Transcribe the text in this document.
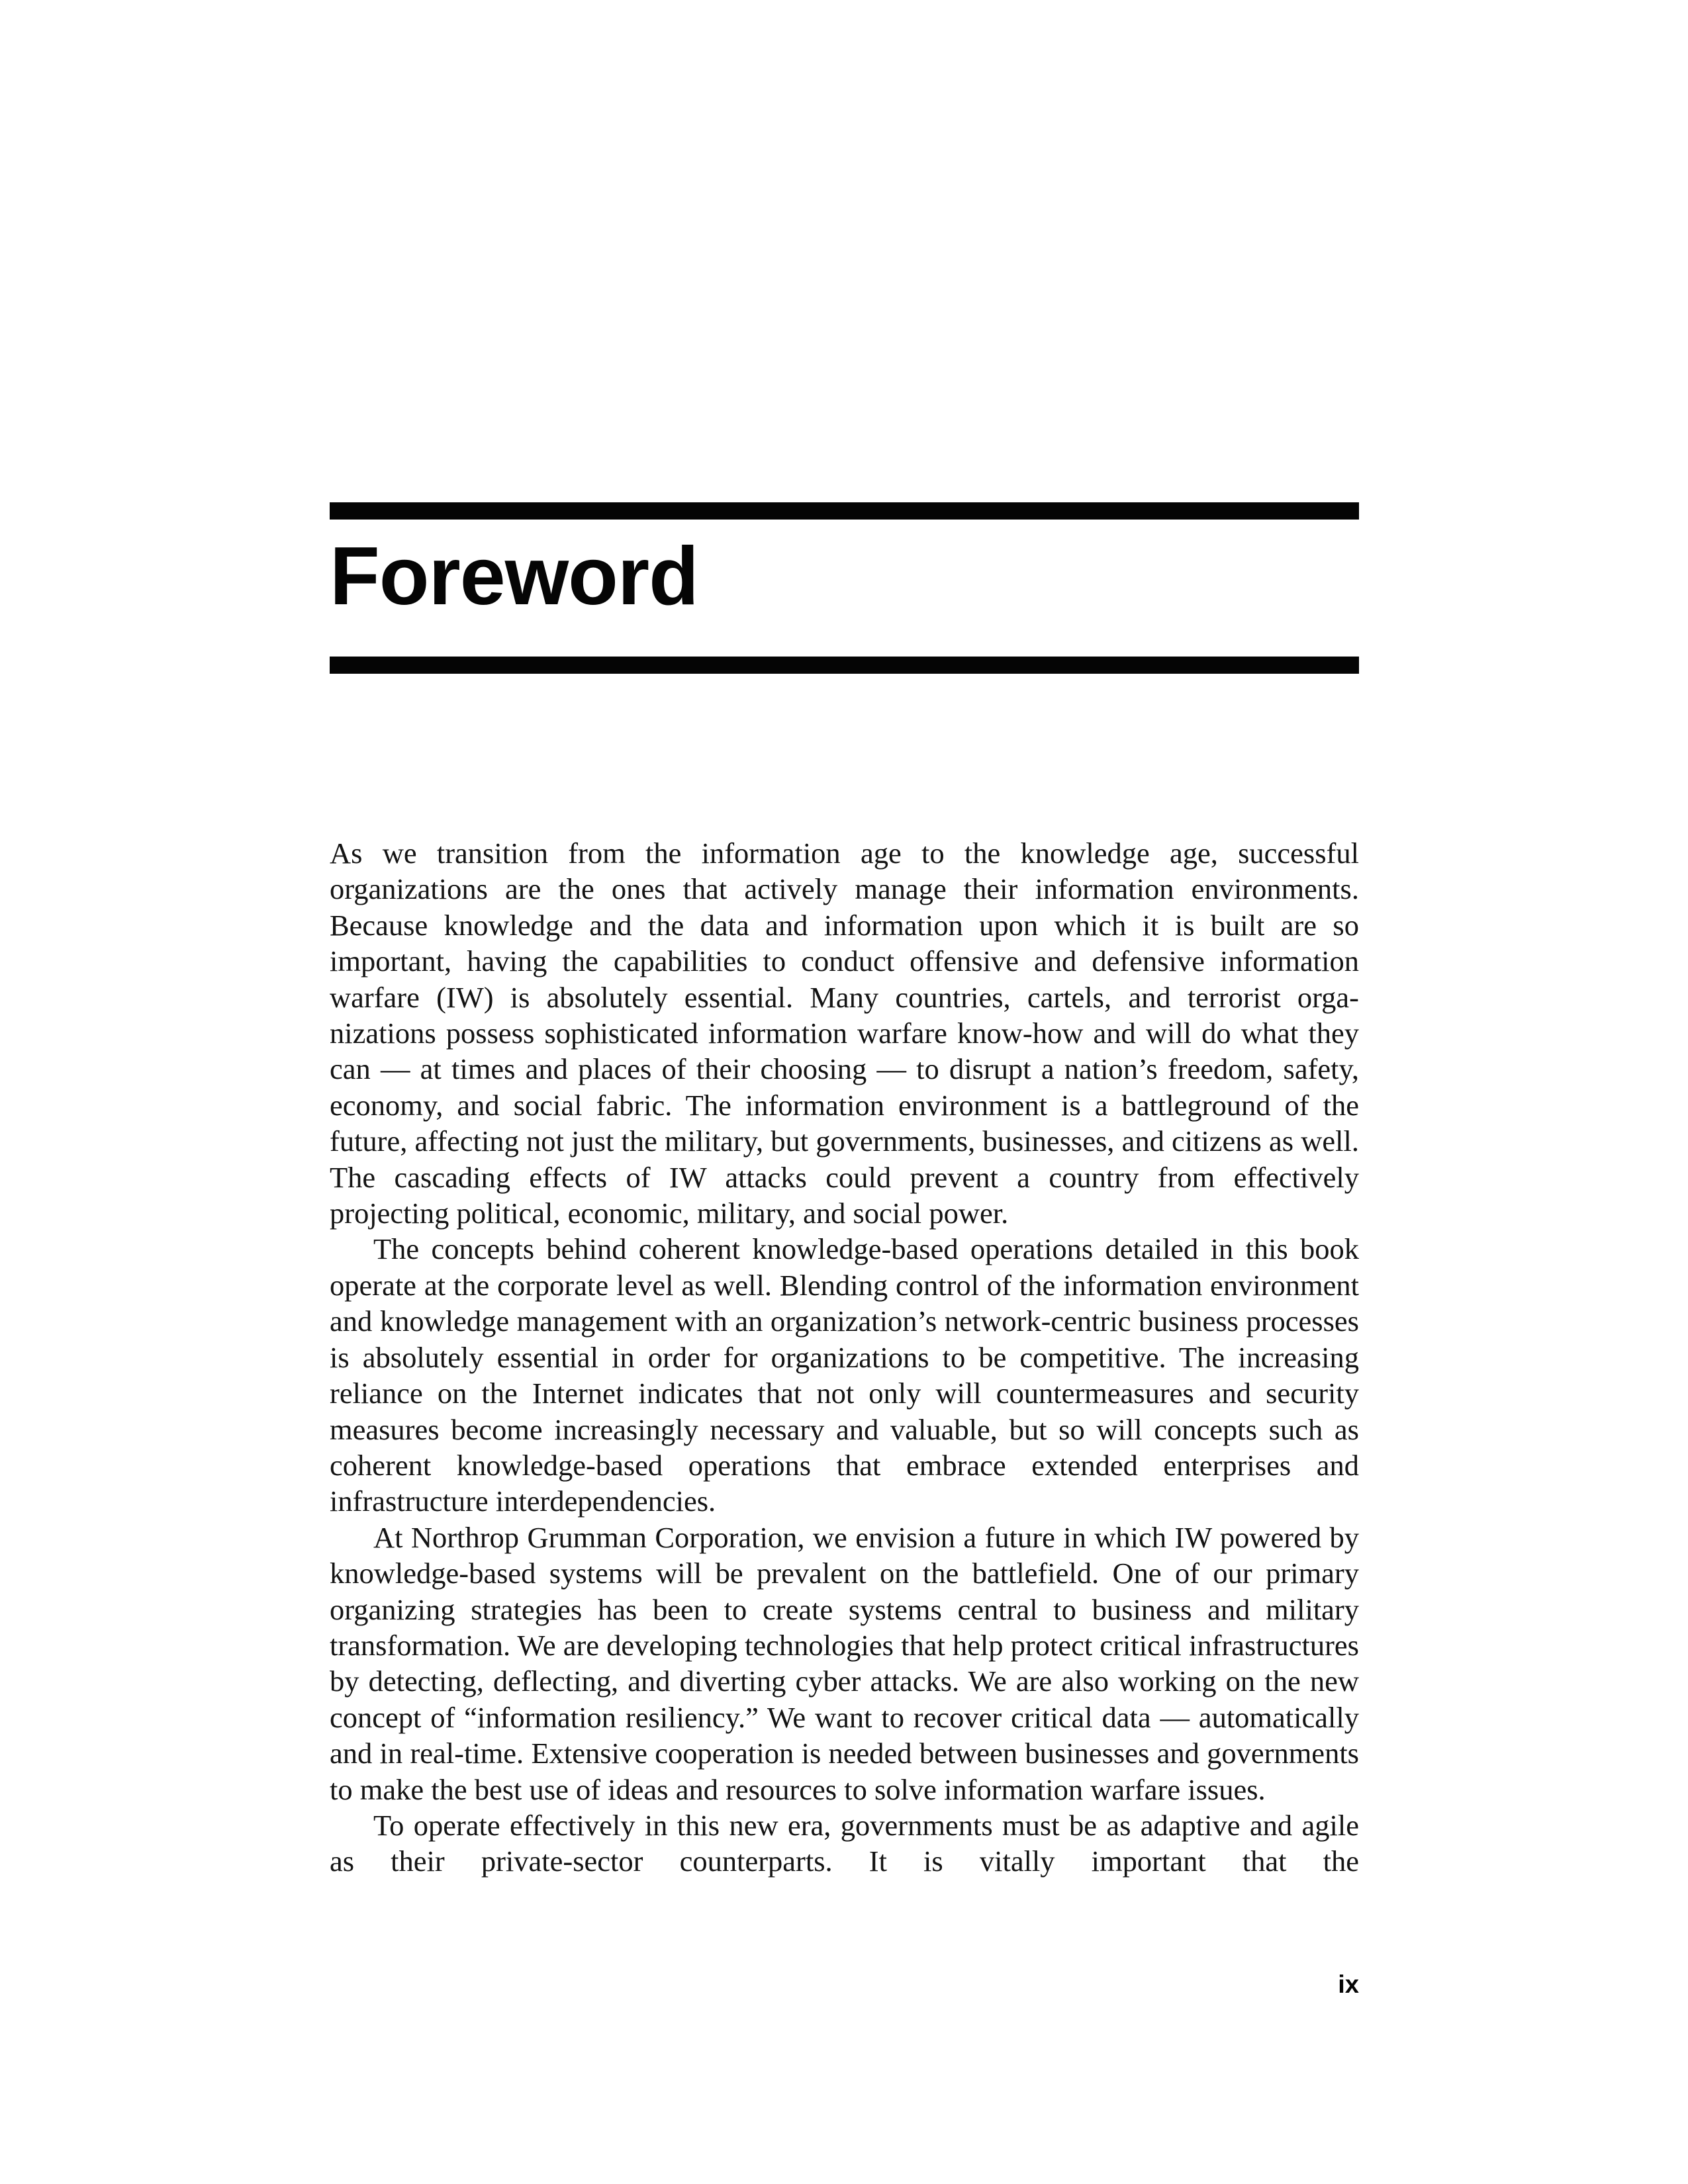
Foreword

As we transition from the information age to the knowledge age, successful organizations are the ones that actively manage their information environments. Because knowledge and the data and information upon which it is built are so important, having the capabilities to conduct offensive and defensive information warfare (IW) is absolutely essential. Many countries, cartels, and terrorist organizations possess sophisticated information warfare know-how and will do what they can — at times and places of their choosing — to disrupt a nation’s freedom, safety, economy, and social fabric. The information environment is a battleground of the future, affecting not just the military, but governments, businesses, and citizens as well. The cascading effects of IW attacks could prevent a country from effectively projecting political, economic, military, and social power.

The concepts behind coherent knowledge-based operations detailed in this book operate at the corporate level as well. Blending control of the information environment and knowledge management with an organization’s network-centric business processes is absolutely essential in order for organizations to be competitive. The increasing reliance on the Internet indicates that not only will countermeasures and security measures become increasingly necessary and valuable, but so will concepts such as coherent knowledge-based operations that embrace extended enterprises and infrastructure interdependencies.

At Northrop Grumman Corporation, we envision a future in which IW powered by knowledge-based systems will be prevalent on the battlefield. One of our primary organizing strategies has been to create systems central to business and military transformation. We are developing technologies that help protect critical infrastructures by detecting, deflecting, and diverting cyber attacks. We are also working on the new concept of “information resiliency.” We want to recover critical data — automatically and in real-time. Extensive cooperation is needed between businesses and governments to make the best use of ideas and resources to solve information warfare issues.

To operate effectively in this new era, governments must be as adaptive and agile as their private-sector counterparts. It is vitally important that the

ix
